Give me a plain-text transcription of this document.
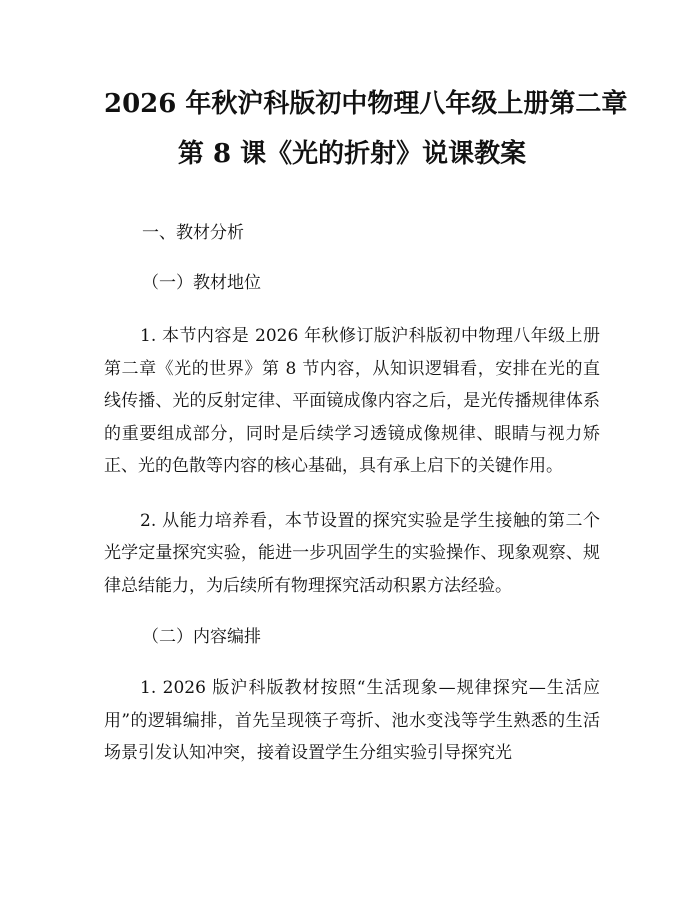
2026 年秋沪科版初中物理八年级上册第二章
第 8 课《光的折射》说课教案

一、教材分析

（一）教材地位

1. 本节内容是 2026 年秋修订版沪科版初中物理八年级上册第二章《光的世界》第 8 节内容，从知识逻辑看，安排在光的直线传播、光的反射定律、平面镜成像内容之后，是光传播规律体系的重要组成部分，同时是后续学习透镜成像规律、眼睛与视力矫正、光的色散等内容的核心基础，具有承上启下的关键作用。

2. 从能力培养看，本节设置的探究实验是学生接触的第二个光学定量探究实验，能进一步巩固学生的实验操作、现象观察、规律总结能力，为后续所有物理探究活动积累方法经验。

（二）内容编排

1. 2026 版沪科版教材按照“生活现象—规律探究—生活应用”的逻辑编排，首先呈现筷子弯折、池水变浅等学生熟悉的生活场景引发认知冲突，接着设置学生分组实验引导探究光
